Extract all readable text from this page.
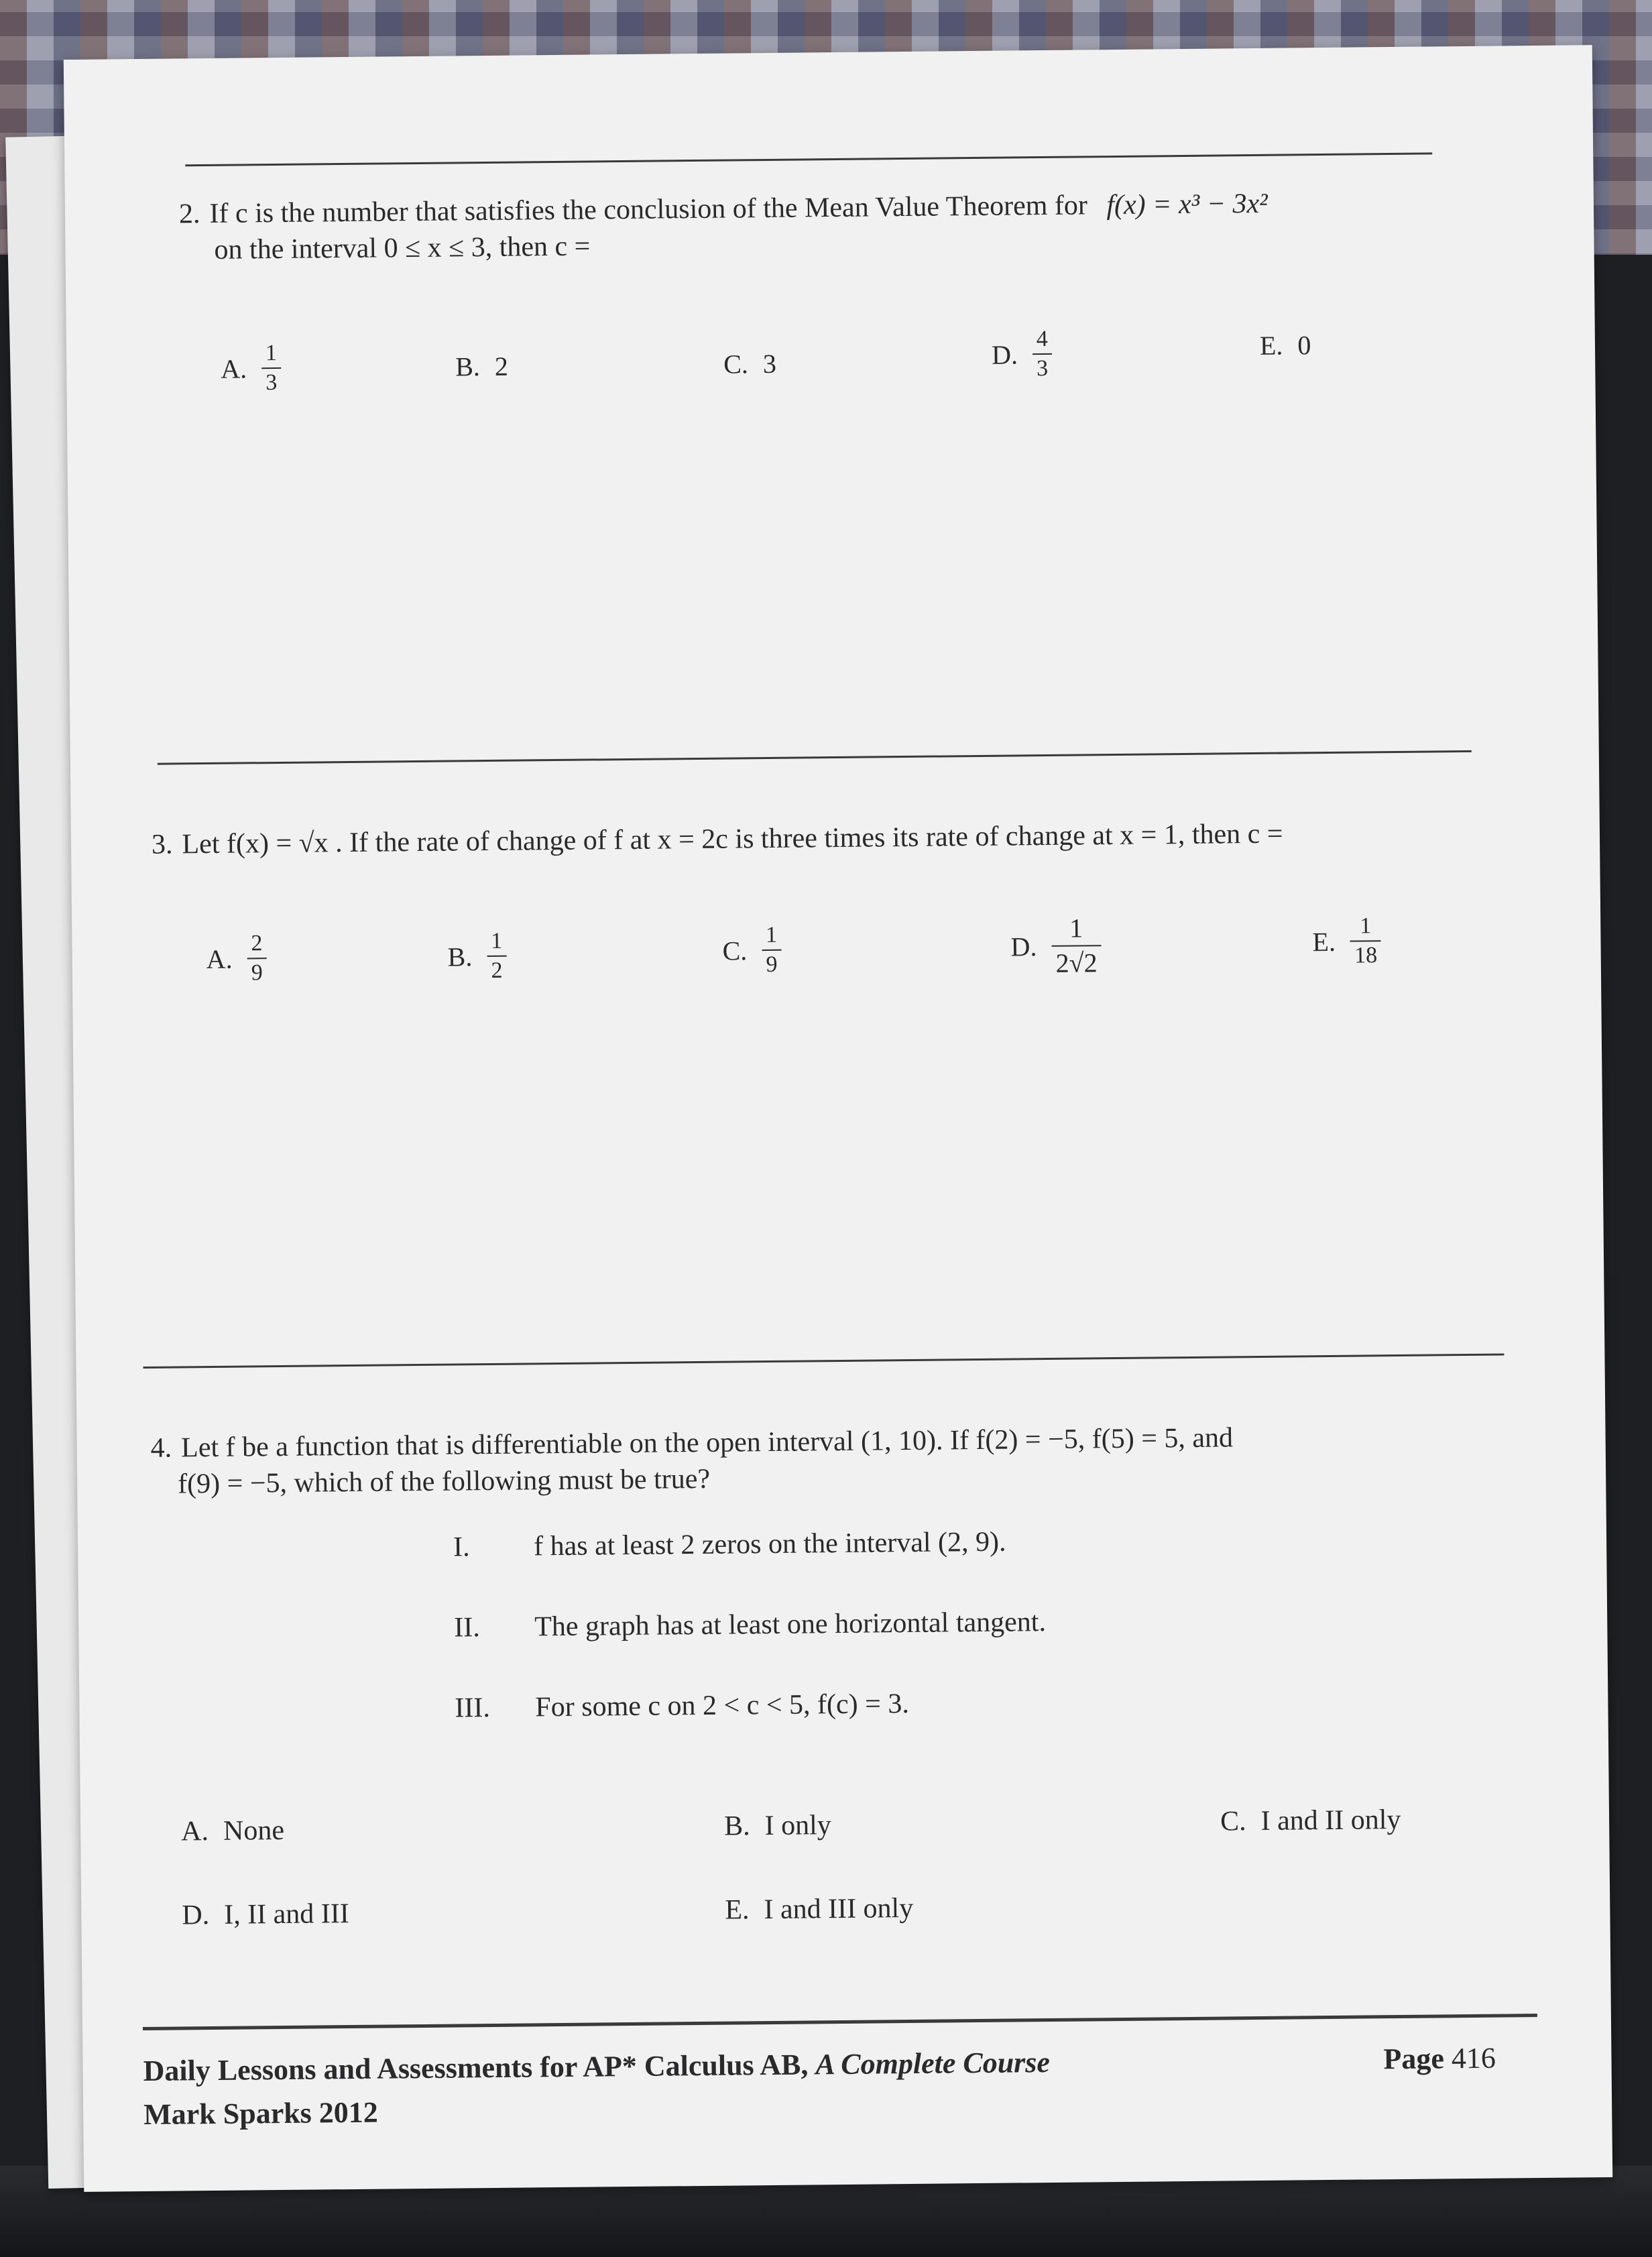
2. If c is the number that satisfies the conclusion of the Mean Value Theorem for f(x) = x³ − 3x²
on the interval 0 ≤ x ≤ 3, then c =
A. $\frac{1}{3}$	B. 2	C. 3	D. $\frac{4}{3}$	E. 0
3. Let f(x) = √x . If the rate of change of f at x = 2c is three times its rate of change at x = 1, then c =
A. $\frac{2}{9}$	B. $\frac{1}{2}$	C. $\frac{1}{9}$	D. $\frac{1}{2√2}$	E. $\frac{1}{18}$
4. Let f be a function that is differentiable on the open interval (1, 10). If f(2) = −5, f(5) = 5, and
f(9) = −5, which of the following must be true?
I.	f has at least 2 zeros on the interval (2, 9).
II.	The graph has at least one horizontal tangent.
III.	For some c on 2 < c < 5, f(c) = 3.
A. None	B. I only	C. I and II only
D. I, II and III	E. I and III only
Daily Lessons and Assessments for AP* Calculus AB, A Complete Course
Mark Sparks 2012
Page 416
